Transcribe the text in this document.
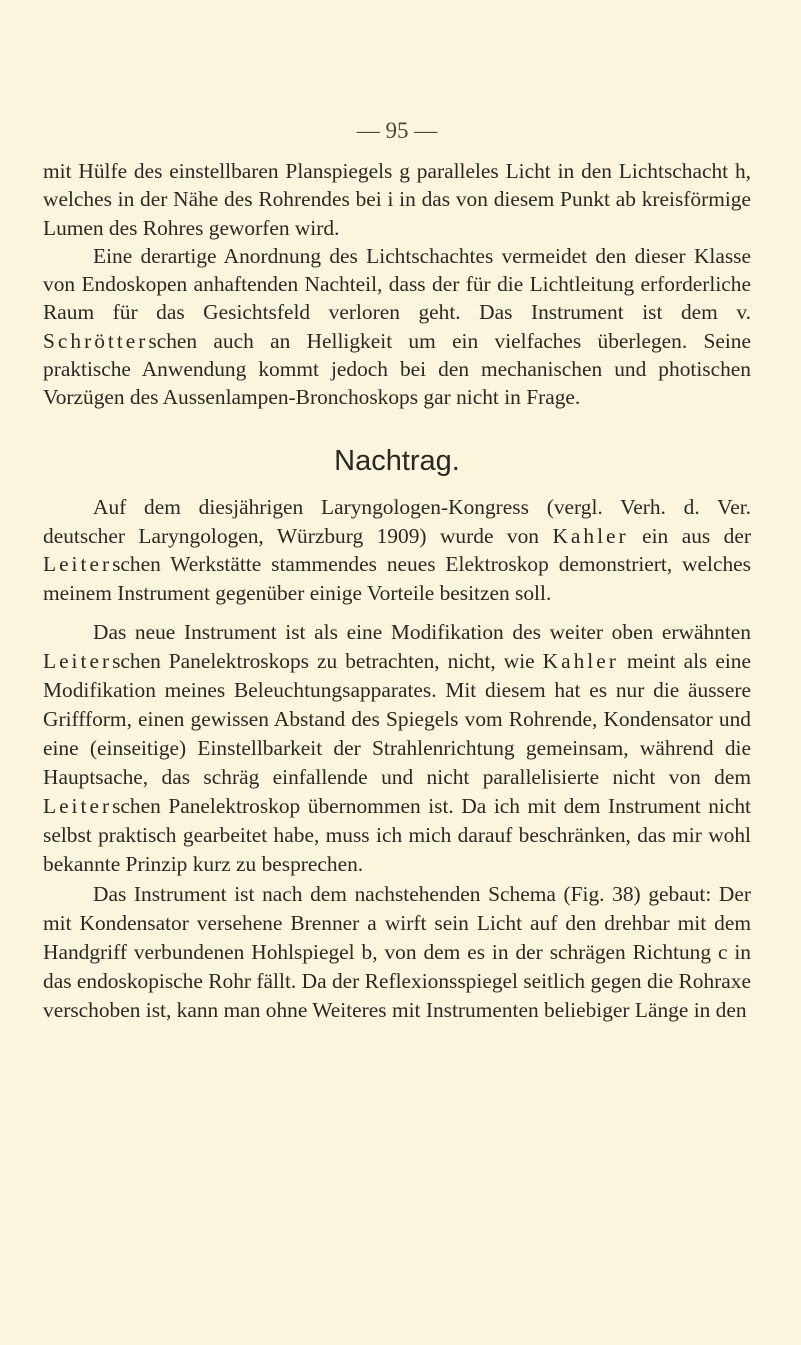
— 95 —

mit Hülfe des einstellbaren Planspiegels g paralleles Licht in den Lichtschacht h, welches in der Nähe des Rohrendes bei i in das von diesem Punkt ab kreisförmige Lumen des Rohres geworfen wird.

Eine derartige Anordnung des Lichtschachtes vermeidet den dieser Klasse von Endoskopen anhaftenden Nachteil, dass der für die Lichtleitung erforderliche Raum für das Gesichtsfeld verloren geht. Das Instrument ist dem v. Schrötterschen auch an Helligkeit um ein vielfaches überlegen. Seine praktische Anwendung kommt jedoch bei den mechanischen und photischen Vorzügen des Aussenlampen-Bronchoskops gar nicht in Frage.

Nachtrag.

Auf dem diesjährigen Laryngologen-Kongress (vergl. Verh. d. Ver. deutscher Laryngologen, Würzburg 1909) wurde von Kahler ein aus der Leiterschen Werkstätte stammendes neues Elektroskop demonstriert, welches meinem Instrument gegenüber einige Vorteile besitzen soll.

Das neue Instrument ist als eine Modifikation des weiter oben erwähnten Leiterschen Panelektroskops zu betrachten, nicht, wie Kahler meint als eine Modifikation meines Beleuchtungsapparates. Mit diesem hat es nur die äussere Griffform, einen gewissen Abstand des Spiegels vom Rohrende, Kondensator und eine (einseitige) Einstellbarkeit der Strahlenrichtung gemeinsam, während die Hauptsache, das schräg einfallende und nicht parallelisierte nicht von dem Leiterschen Panelektroskop übernommen ist. Da ich mit dem Instrument nicht selbst praktisch gearbeitet habe, muss ich mich darauf beschränken, das mir wohl bekannte Prinzip kurz zu besprechen.

Das Instrument ist nach dem nachstehenden Schema (Fig. 38) gebaut: Der mit Kondensator versehene Brenner a wirft sein Licht auf den drehbar mit dem Handgriff verbundenen Hohlspiegel b, von dem es in der schrägen Richtung c in das endoskopische Rohr fällt. Da der Reflexionsspiegel seitlich gegen die Rohraxe verschoben ist, kann man ohne Weiteres mit Instrumenten beliebiger Länge in den
